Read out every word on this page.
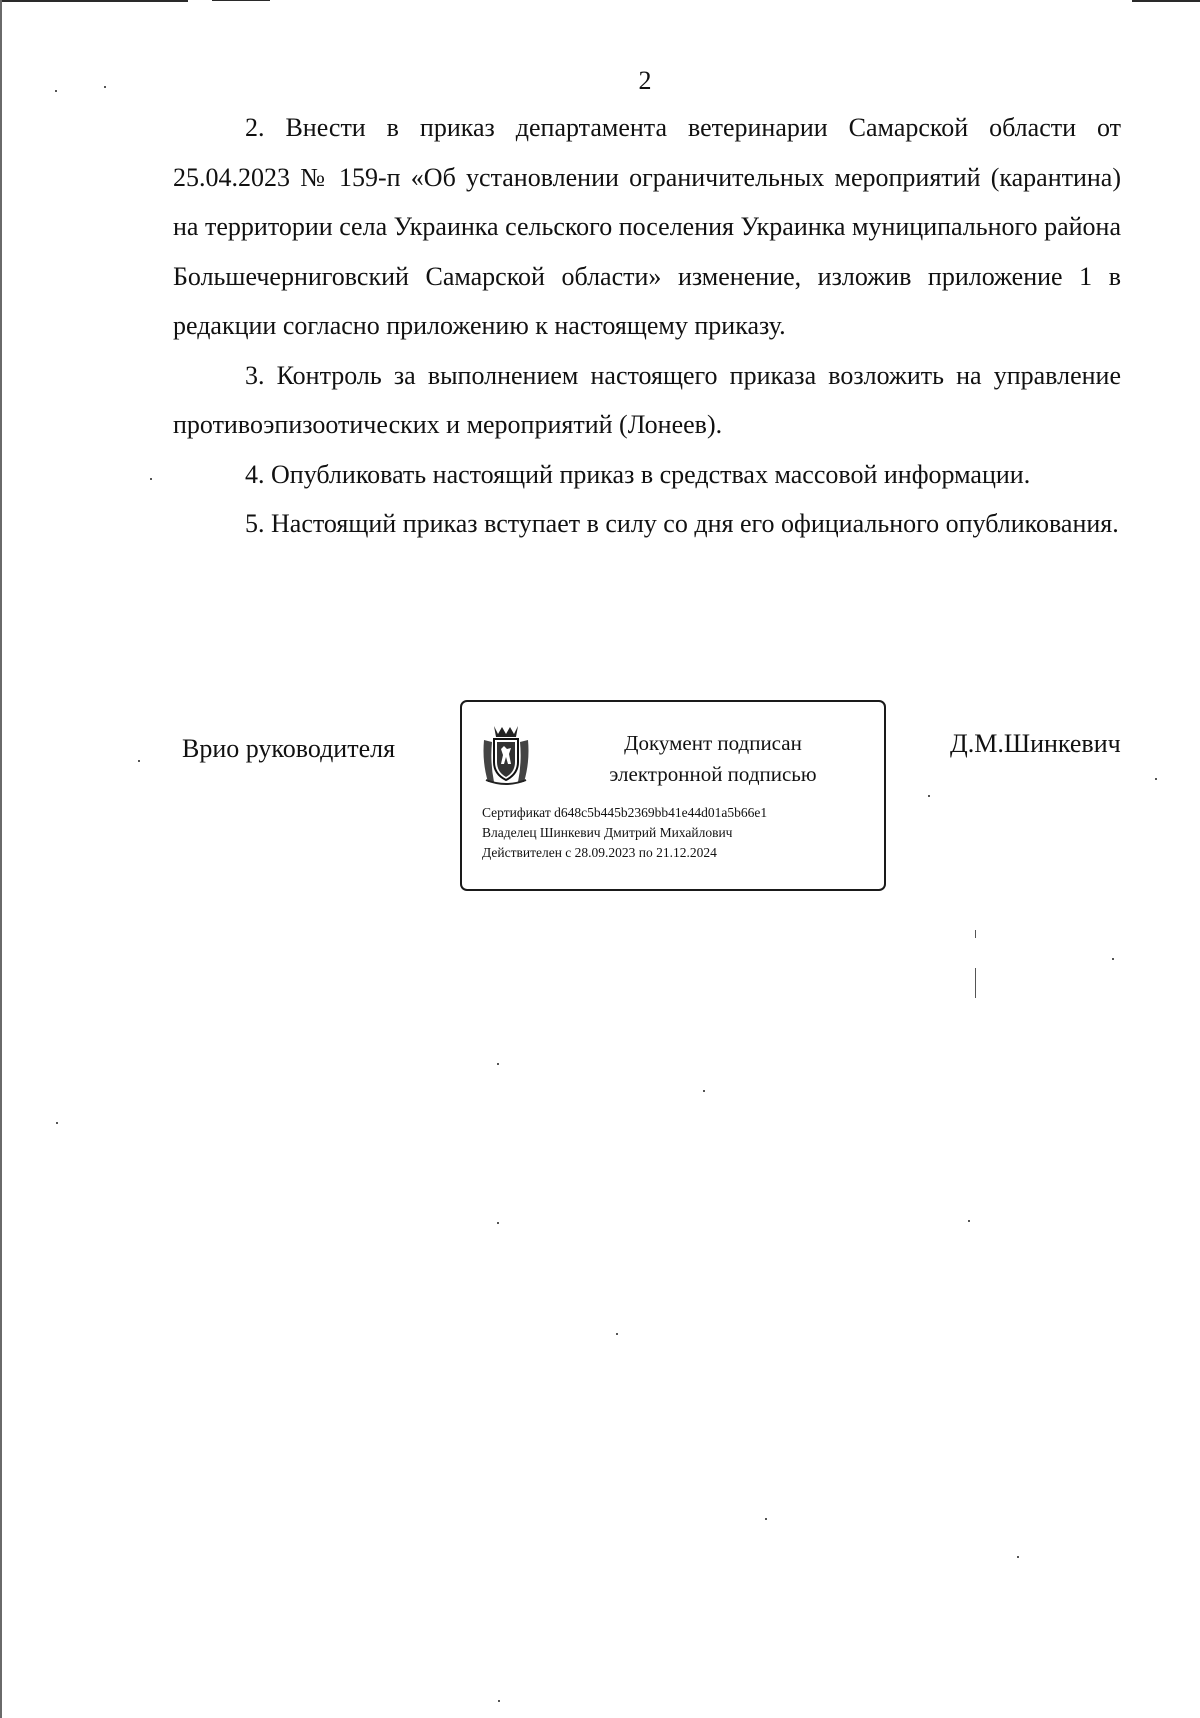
2

2. Внести в приказ департамента ветеринарии Самарской области от 25.04.2023 № 159-п «Об установлении ограничительных мероприятий (карантина) на территории села Украинка сельского поселения Украинка муниципального района Большечерниговский Самарской области» изменение, изложив приложение 1 в редакции согласно приложению к настоящему приказу.

3. Контроль за выполнением настоящего приказа возложить на управление противоэпизоотических и мероприятий (Лонеев).

4. Опубликовать настоящий приказ в средствах массовой информации.

5. Настоящий приказ вступает в силу со дня его официального опубликования.

Врио руководителя	Документ подписан
электронной подписью
Сертификат d648c5b445b2369bb41e44d01a5b66e1
Владелец Шинкевич Дмитрий Михайлович
Действителен с 28.09.2023 по 21.12.2024
Д.М.Шинкевич
